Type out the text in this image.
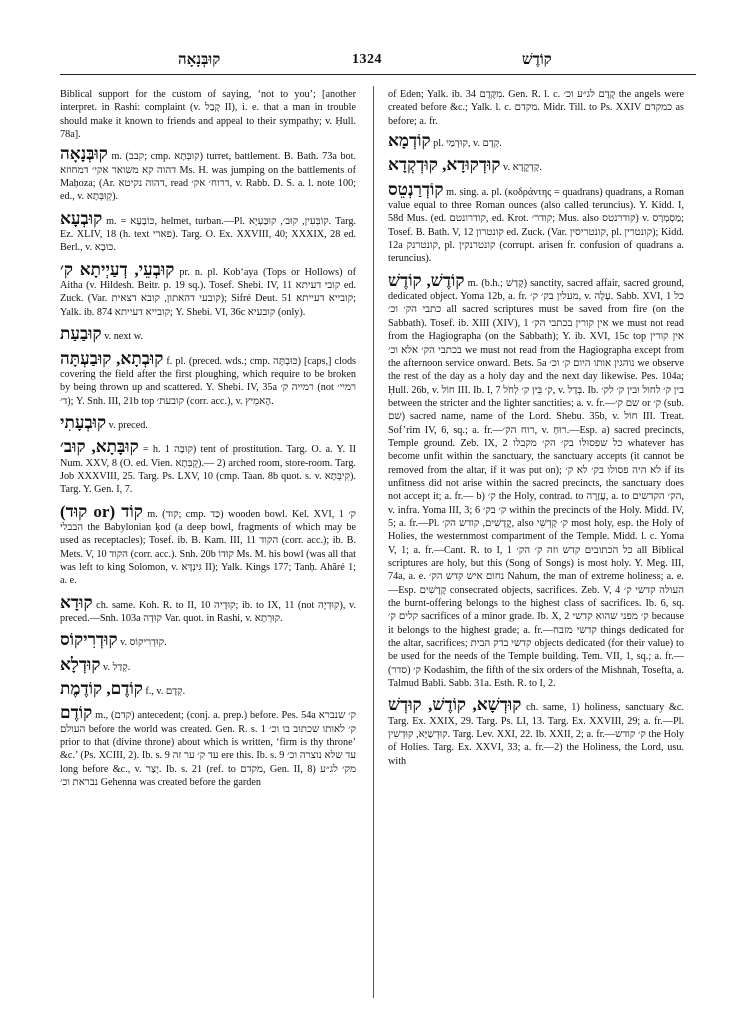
קוּבְּנָאָה	1324	קוֹדֶשׁ

Biblical support for the custom of saying, ‘not to you’; [another interpret. in Rashi: complaint (v. קָבַל II), i. e. that a man in trouble should make it known to friends and appeal to their sympathy; v. Ḥull. 78a].

קוּבְּנָאָה m. (קבב; cmp. קוּבְּתָא) turret, battlement. B. Bath. 73a bot. דהוה קא משואר אקי׳ דמחוזא Ms. H. was jumping on the battlements of Maḥoza; (Ar. דהוה נקיטא, read דרוח׳ אק׳, v. Rabb. D. S. a. l. note 100; ed., v. קְוּבְּתָא).

קוּבְעָא m. = כּוֹבָעָא, helmet, turban.—Pl. קוֹבְּעִין, קוּב׳, קוּבַּעְיָא. Targ. Ez. XLIV, 18 (h. text פארי). Targ. O. Ex. XXVIII, 40; XXXIX, 28 ed. Berl., v. כּוּבָא.

קוּבְעֵי, דְעַיְיתָא ק׳ pr. n. pl. Kob‘aya (Tops or Hollows) of Aitha (v. Hildesh. Beitr. p. 19 sq.). Tosef. Shebi. IV, 11 קובי דעיתא ed. Zuck. (Var. קובעי דהאתון, קובא דצאית); Sifré Deut. 51 קובייא דעייתא; Yalk. ib. 874 קובייא דעייתא; Y. Shebi. VI, 36c קובעיא (only).

קוּבַעַת v. next w.

קוּבְתָא, קוּבַעְתָּה f. pl. (preced. wds.; cmp. כּוּבְתָּה) [caps,] clods covering the field after the first ploughing, which require to be broken by being thrown up and scattered. Y. Shebi. IV, 35a רמייה ק׳ (not רמיי׳ ד׳); Y. Snh. III, 21b top קובעת׳ (corr. acc.), v. הֶאמֵיץ.

קוּבְעָתִי v. preced.

קוּבָּתָא, קוּב׳ = h. קוּבָּה 1) tent of prostitution. Targ. O. a. Y. II Num. XXV, 8 (O. ed. Vien. קֻבְּתָא).— 2) arched room, store-room. Targ. Job XXXVIII, 25. Targ. Ps. LXV, 10 (cmp. Taan. 8b quot. s. v. קִיבְּתָא). Targ. Y. Gen. I, 7.

קוֹד (or קוּד) m. (קוד; cmp. כַּד) wooden bowl. Kel. XVI, 1 ק׳ הבבלי the Babylonian ḳod (a deep bowl, fragments of which may be used as receptacles); Tosef. ib. B. Kam. III, 11 הקוד (corr. acc.); ib. B. Mets. V, 10 הקוד (corr. acc.). Snh. 20b קוּדוֹ Ms. M. his bowl (was all that was left to king Solomon, v. גִּינְדָּא II); Yalk. Kings 177; Tanḥ. Ahăré 1; a. e.

קוּדָא ch. same. Koh. R. to II, 10 קוּדָיה; ib. to IX, 11 (not קוּדְיָה), v. preced.—Snh. 103a קוּדָה Var. quot. in Rashi, v. קוּרְתָא.

קוּדְרִיקוֹס v. קוּדְרִיקוֹס.

קוּדְלָא v. קְדַל.

קוֹדֶם, קוֹדֶמֶת f., v. קְדָם.

קוֹדֶם m., (קדם) antecedent; (conj. a. prep.) before. Pes. 54a ק׳ שנברא העולם before the world was created. Gen. R. s. 1 ק׳ לאותו שכתוב בו וכ׳ prior to that (divine throne) about which is written, ‘firm is thy throne’ &c.’ (Ps. XCIII, 2). Ib. s. 9 עד ק׳ ער זה ere this. Ib. s. 9 עד שלא נוצרה וכ׳ long before &c., v. יָצַר. Ib. s. 21 (ref. to מקדם, Gen. II, 8) מק׳ לג״ע נבראת וכ׳ Gehenna was created before the garden

of Eden; Yalk. ib. 34 מִקֶּדֶם. Gen. R. l. c. קֶדֶם לג״ע וכ׳ the angels were created before &c.; Yalk. l. c. מקדם. Midr. Till. to Ps. XXIV כמקדם as before; a. fr.

קוֹדְמָא pl. קוּדְמַי, v. קְדָם.

קוּדְקוּדָא, קוּדְקְדָא v. קָדְקֳדָא.

קוֹדְרַנְטֵס m. sing. a. pl. (κοδράντης = quadrans) quadrans, a Roman value equal to three Roman ounces (also called teruncius). Y. Kidd. I, 58d Mus. (ed. קודרונטם, ed. Krot. קודר׳; Mus. also קודרנטס) v. מַסְמְרָס; Tosef. B. Bath. V, 12 קונטרון ed. Zuck. (Var. קונטריסין, pl. קונטרין); Kidd. 12a קונטרנק, pl. קונטרנקין (corrupt. arisen fr. confusion of quadrans a. teruncius).

קוֹדֶשׁ, קוֹדֶשׁ m. (b.h.; קָדַשׁ) sanctity, sacred affair, sacred ground, dedicated object. Yoma 12b, a. fr. מעלין בק׳ ק׳, v. עָלָה. Sabb. XVI, 1 כל כתבי הק׳ וכ׳ all sacred scriptures must be saved from fire (on the Sabbath). Tosef. ib. XIII (XIV), 1 אין קורין בכתבי הק׳ we must not read from the Hagiographa (on the Sabbath); Y. ib. XVI, 15c top אין קורין בכתבי הק׳ אלא וכ׳ we must not read from the Hagiographa except from the afternoon service onward. Bets. 5a נוהגין אותו היום ק׳ וכ׳ we observe the rest of the day as a holy day and the next day likewise. Pes. 104a; Ḥull. 26b, v. חוֹל III. Ib. I, 7 ק׳ בֵּין ק׳ לְחֹל, v. בְּדַל. Ib. בין ק׳ לחול ובין ק׳ לק׳ between the stricter and the lighter sanctities; a. v. fr.—שם ק׳ or ק׳ (sub. שם) sacred name, name of the Lord. Shebu. 35b, v. חוֹל III. Treat. Sof’rim IV, 6, sq.; a. fr.—רוח הק׳, v. רוּחַ.—Esp. a) sacred precincts, Temple ground. Zeb. IX, 2 כל שפסולו בק׳ הק׳ מקבלו whatever has become unfit within the sanctuary, the sanctuary accepts (it cannot be removed from the altar, if it was put on); לא היה פסולו בק׳ לא ק׳ if its unfitness did not arise within the sacred precincts, the sanctuary does not accept it; a. fr.— b) ק׳ the Holy, contrad. to עֲזָרָה, a. to הק׳ הקדשים, v. infra. Yoma III, 3; 6 ק׳ בק׳ within the precincts of the Holy. Midd. IV, 5; a. fr.—Pl. קֳדָשִׁים, קודש הק׳, also ק׳ קָדְשֵׁי most holy, esp. the Holy of Holies, the westernmost compartment of the Temple. Midd. l. c. Yoma V, 1; a. fr.—Cant. R. to I, 1 כל הכתובים קדש וזה ק׳ הק׳ all Biblical scriptures are holy, but this (Song of Songs) is most holy. Y. Meg. III, 74a, a. e. נחום איש קדש הק׳ Nahum, the man of extreme holiness; a. e.—Esp. קָדָשִׁים consecrated objects, sacrifices. Zeb. V, 4 העולה קדשי ק׳ the burnt-offering belongs to the highest class of sacrifices. Ib. 6, sq. קלים ק׳ sacrifices of a minor grade. Ib. X, 2 ק׳ מפני שהוא קדשי because it belongs to the highest grade; a. fr.—קדשי מזבח things dedicated for the altar, sacrifices; קדשי בדק הבית objects dedicated (for their value) to be used for the needs of the Temple building. Tem. VII, 1, sq.; a. fr.—(סדר) ק׳ Kodashim, the fifth of the six orders of the Mishnah, Tosefta, a. Talmud Babli. Sabb. 31a. Esth. R. to I, 2.

קוּדְשָׁא, קוֹדֶשׁ, קוּדְשׁ ch. same, 1) holiness, sanctuary &c. Targ. Ex. XXIX, 29. Targ. Ps. LI, 13. Targ. Ex. XXVIII, 29; a. fr.—Pl. קוּדְשַׁיָּא, קוּדְשִׁין. Targ. Lev. XXI, 22. Ib. XXII, 2; a. fr.—ק׳ קודש the Holy of Holies. Targ. Ex. XXVI, 33; a. fr.—2) the Holiness, the Lord, usu. with
